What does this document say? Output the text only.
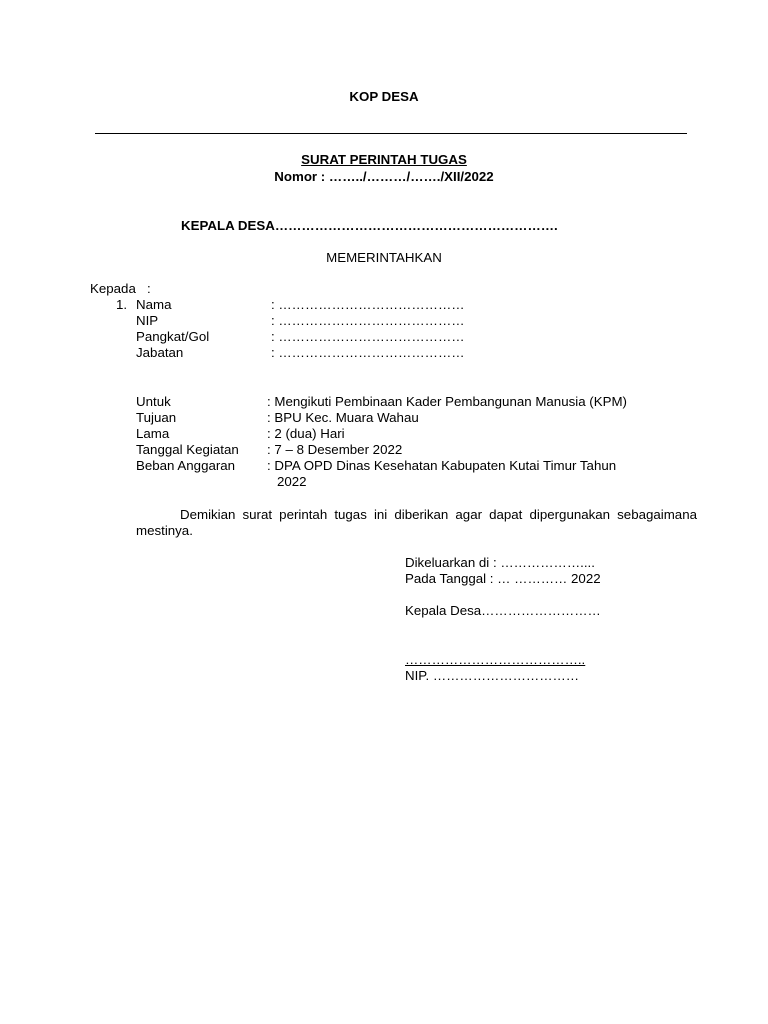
KOP DESA
SURAT PERINTAH TUGAS
Nomor : ……../………/……./XII/2022
KEPALA DESA……………………………………………………….
MEMERINTAHKAN
Kepada :
1. Nama	: ……………………………………
NIP	: ……………………………………
Pangkat/Gol	: ……………………………………
Jabatan	: ……………………………………
Untuk	: Mengikuti Pembinaan Kader Pembangunan Manusia (KPM)
Tujuan	: BPU Kec. Muara Wahau
Lama	: 2 (dua) Hari
Tanggal Kegiatan : 7 – 8 Desember 2022
Beban Anggaran : DPA OPD Dinas Kesehatan Kabupaten Kutai Timur Tahun
2022
Demikian surat perintah tugas ini diberikan agar dapat dipergunakan sebagaimana mestinya.
Dikeluarkan di : ………………....
Pada Tanggal : … ………… 2022
Kepala Desa………………………
…………………………………..
NIP. ……………………………
